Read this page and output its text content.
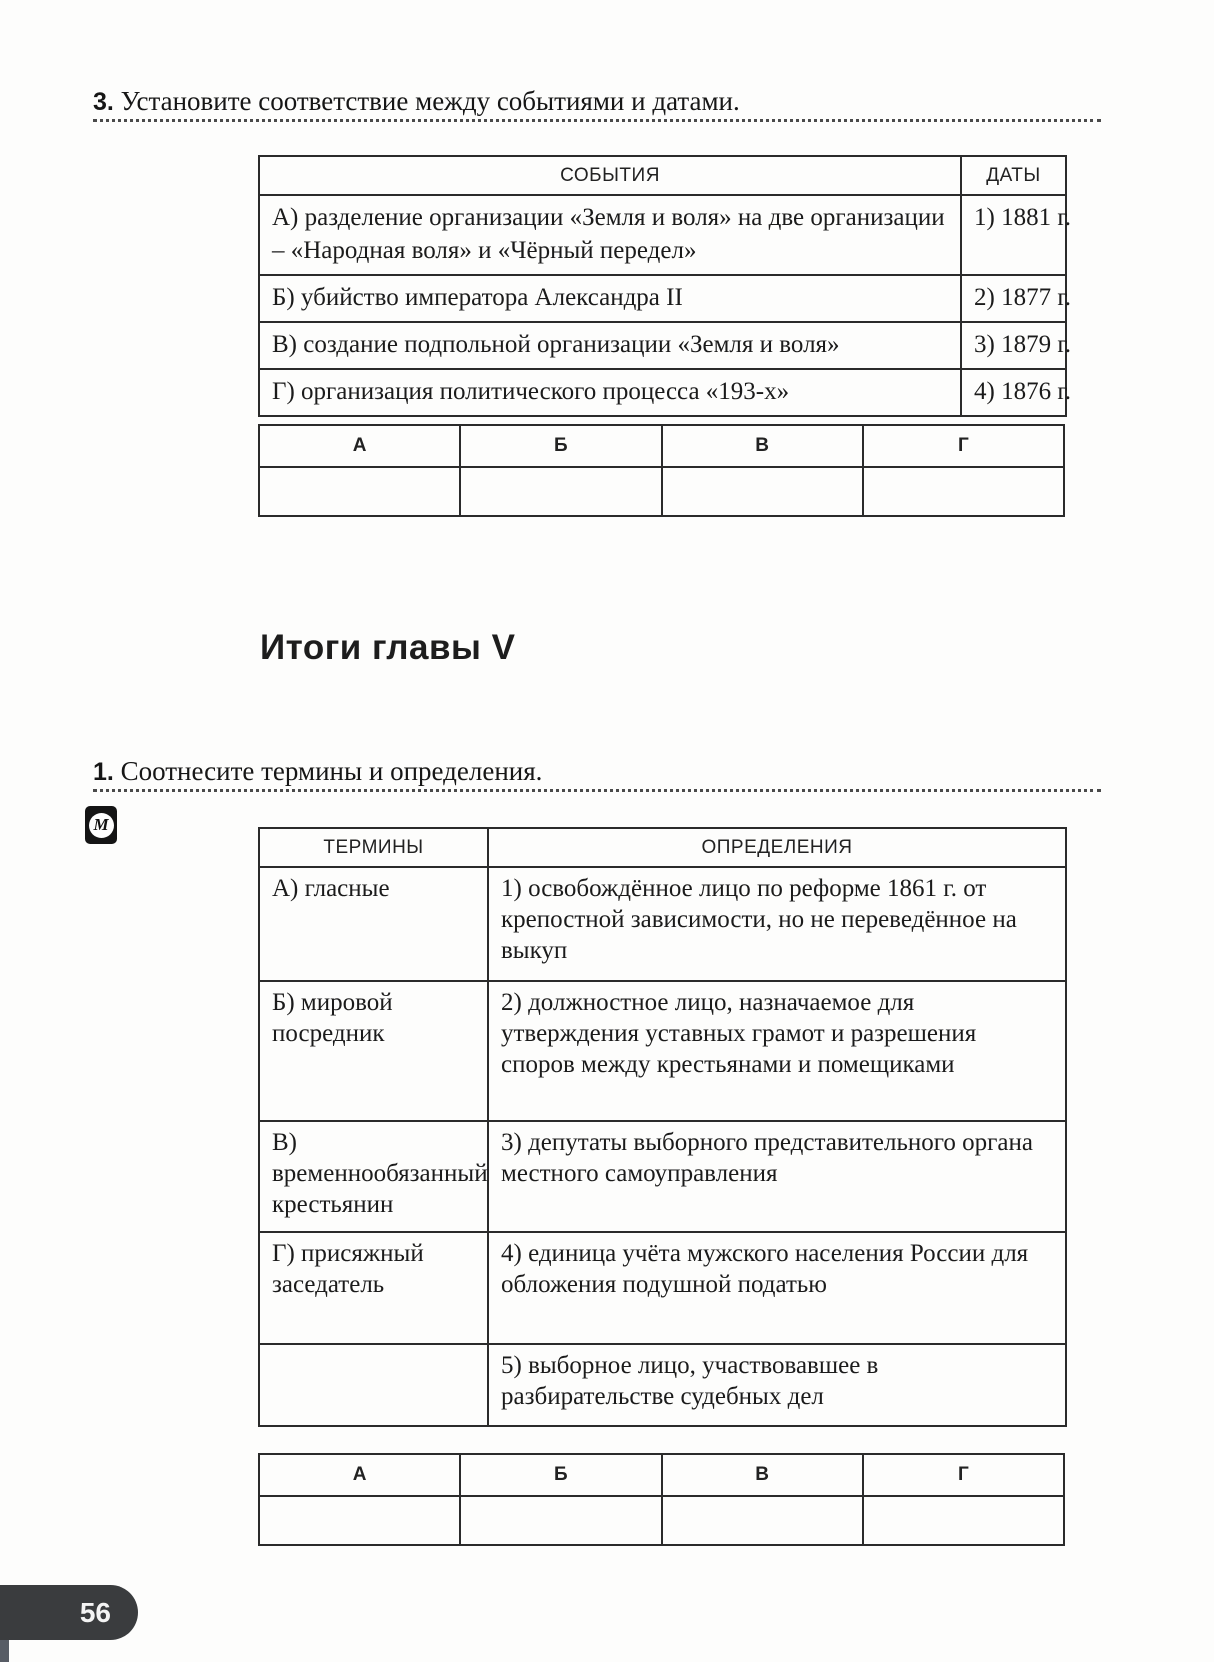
3. Установите соответствие между событиями и датами.
СОБЫТИЯ	ДАТЫ
А) разделение организации «Земля и воля» на две организации – «Народная воля» и «Чёрный передел»	1) 1881 г.
Б) убийство императора Александра II	2) 1877 г.
В) создание подпольной организации «Земля и воля»	3) 1879 г.
Г) организация политического процесса «193-х»	4) 1876 г.
А	Б	В	Г

Итоги главы V
1. Соотнесите термины и определения.
М
ТЕРМИНЫ	ОПРЕДЕЛЕНИЯ
А) гласные	1) освобождённое лицо по реформе 1861 г. от крепостной зависимости, но не переведённое на выкуп
Б) мировой посредник	2) должностное лицо, назначаемое для утверждения уставных грамот и разрешения споров между крестьянами и помещиками
В) временнообязанный крестьянин	3) депутаты выборного представительного органа местного самоуправления
Г) присяжный заседатель	4) единица учёта мужского населения России для обложения подушной податью
	5) выборное лицо, участвовавшее в разбирательстве судебных дел
А	Б	В	Г

56
